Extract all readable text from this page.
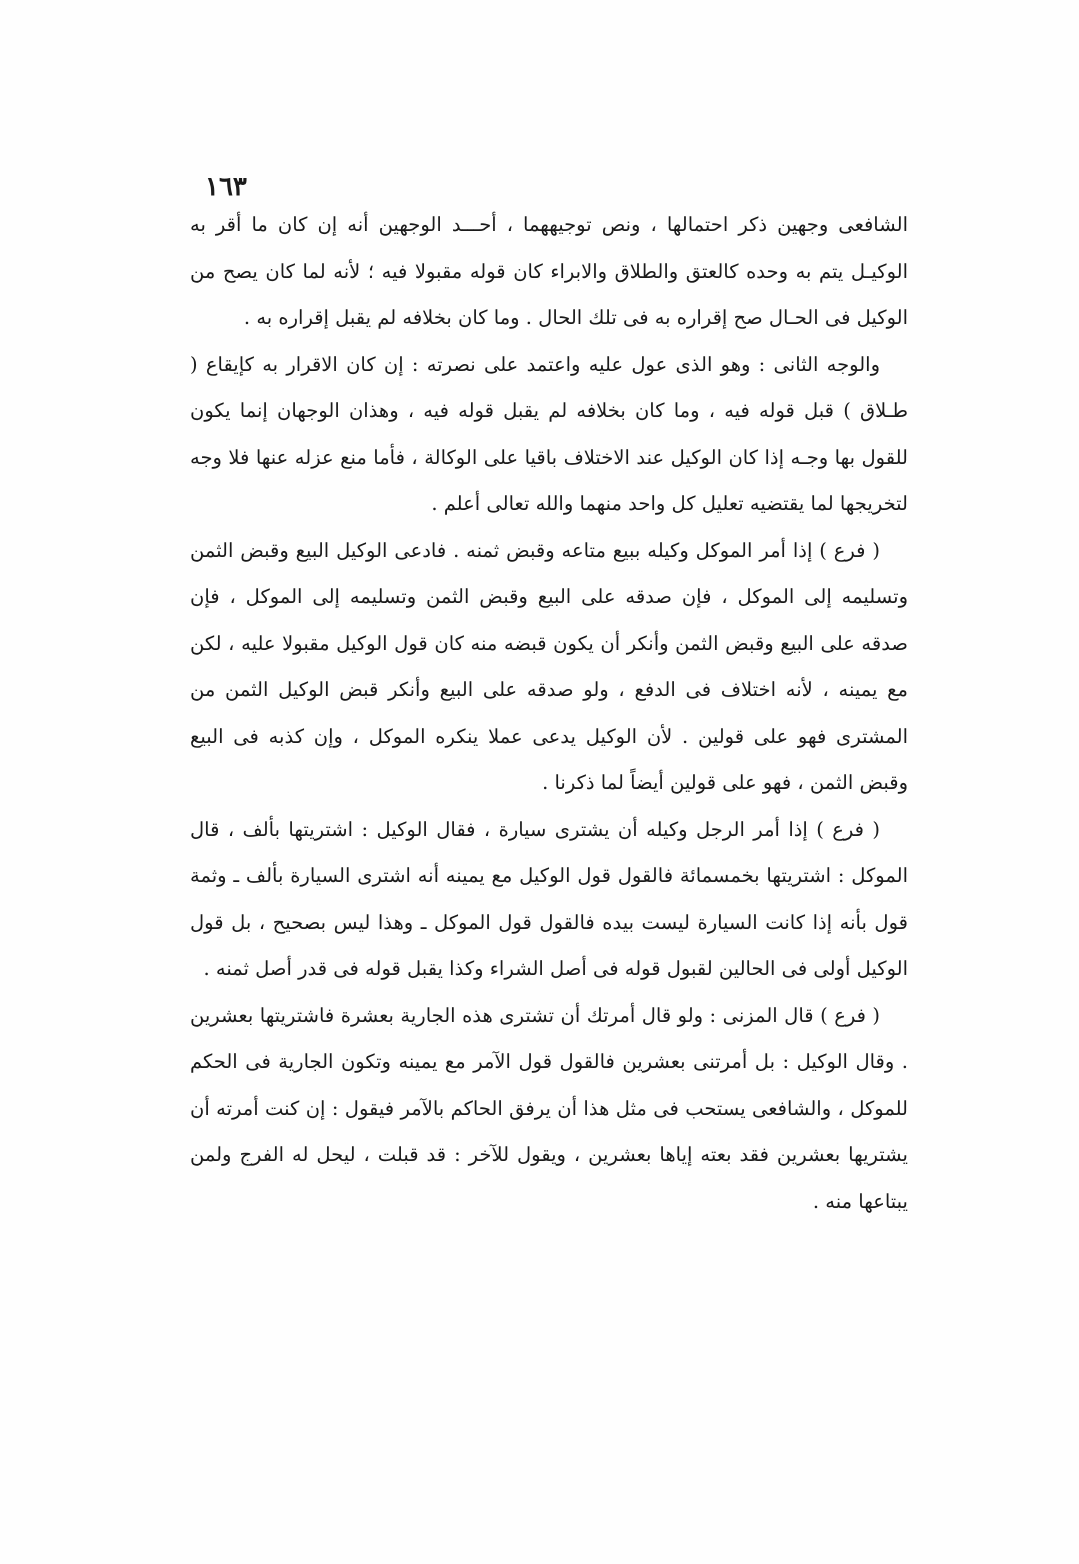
١٦٣

الشافعى وجهين ذكر احتمالها ، ونص توجيههما ، أحـــد الوجهين أنه إن كان ما أقر به الوكيـل يتم به وحده كالعتق والطلاق والابراء كان قوله مقبولا فيه ؛ لأنه لما كان يصح من الوكيل فى الحـال صح إقراره به فى تلك الحال . وما كان بخلافه لم يقبل إقراره به .

والوجه الثانى : وهو الذى عول عليه واعتمد على نصرته : إن كان الاقرار به كإيقاع ( طـلاق ) قبل قوله فيه ، وما كان بخلافه لم يقبل قوله فيه ، وهذان الوجهان إنما يكون للقول بها وجـه إذا كان الوكيل عند الاختلاف باقيا على الوكالة ، فأما منع عزله عنها فلا وجه لتخريجها لما يقتضيه تعليل كل واحد منهما والله تعالى أعلم .

( فرع ) إذا أمر الموكل وكيله ببيع متاعه وقبض ثمنه . فادعى الوكيل البيع وقبض الثمن وتسليمه إلى الموكل ، فإن صدقه على البيع وقبض الثمن وتسليمه إلى الموكل ، فإن صدقه على البيع وقبض الثمن وأنكر أن يكون قبضه منه كان قول الوكيل مقبولا عليه ، لكن مع يمينه ، لأنه اختلاف فى الدفع ، ولو صدقه على البيع وأنكر قبض الوكيل الثمن من المشترى فهو على قولين . لأن الوكيل يدعى عملا ينكره الموكل ، وإن كذبه فى البيع وقبض الثمن ، فهو على قولين أيضاً لما ذكرنا .

( فرع ) إذا أمر الرجل وكيله أن يشترى سيارة ، فقال الوكيل : اشتريتها بألف ، قال الموكل : اشتريتها بخمسمائة فالقول قول الوكيل مع يمينه أنه اشترى السيارة بألف ـ وثمة قول بأنه إذا كانت السيارة ليست بيده فالقول قول الموكل ـ وهذا ليس بصحيح ، بل قول الوكيل أولى فى الحالين لقبول قوله فى أصل الشراء وكذا يقبل قوله فى قدر أصل ثمنه .

( فرع ) قال المزنى : ولو قال أمرتك أن تشترى هذه الجارية بعشرة فاشتريتها بعشرين . وقال الوكيل : بل أمرتنى بعشرين فالقول قول الآمر مع يمينه وتكون الجارية فى الحكم للموكل ، والشافعى يستحب فى مثل هذا أن يرفق الحاكم بالآمر فيقول : إن كنت أمرته أن يشتريها بعشرين فقد بعته إياها بعشرين ، ويقول للآخر : قد قبلت ، ليحل له الفرج ولمن يبتاعها منه .
